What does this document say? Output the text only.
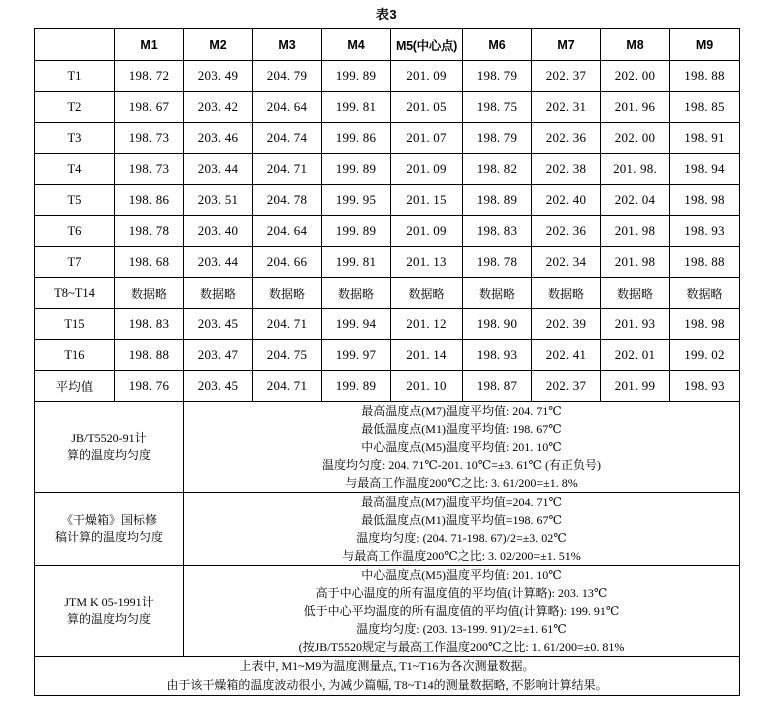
表3
	M1	M2	M3	M4	M5(中心点)	M6	M7	M8	M9
T1	198. 72	203. 49	204. 79	199. 89	201. 09	198. 79	202. 37	202. 00	198. 88
T2	198. 67	203. 42	204. 64	199. 81	201. 05	198. 75	202. 31	201. 96	198. 85
T3	198. 73	203. 46	204. 74	199. 86	201. 07	198. 79	202. 36	202. 00	198. 91
T4	198. 73	203. 44	204. 71	199. 89	201. 09	198. 82	202. 38	201. 98.	198. 94
T5	198. 86	203. 51	204. 78	199. 95	201. 15	198. 89	202. 40	202. 04	198. 98
T6	198. 78	203. 40	204. 64	199. 89	201. 09	198. 83	202. 36	201. 98	198. 93
T7	198. 68	203. 44	204. 66	199. 81	201. 13	198. 78	202. 34	201. 98	198. 88
T8~T14	数据略	数据略	数据略	数据略	数据略	数据略	数据略	数据略	数据略
T15	198. 83	203. 45	204. 71	199. 94	201. 12	198. 90	202. 39	201. 93	198. 98
T16	198. 88	203. 47	204. 75	199. 97	201. 14	198. 93	202. 41	202. 01	199. 02
平均值	198. 76	203. 45	204. 71	199. 89	201. 10	198. 87	202. 37	201. 99	198. 93

JB/T5520-91计
算的温度均匀度

最高温度点(M7)温度平均值: 204. 71℃
最低温度点(M1)温度平均值: 198. 67℃
中心温度点(M5)温度平均值: 201. 10℃
温度均匀度: 204. 71℃-201. 10℃=±3. 61℃ (有正负号)
与最高工作温度200℃之比: 3. 61/200=±1. 8%

《干燥箱》国标修
稿计算的温度均匀度

最高温度点(M7)温度平均值=204. 71℃
最低温度点(M1)温度平均值=198. 67℃
温度均匀度: (204. 71-198. 67)/2=±3. 02℃
与最高工作温度200℃之比: 3. 02/200=±1. 51%

JTM K 05-1991计
算的温度均匀度

中心温度点(M5)温度平均值: 201. 10℃
高于中心温度的所有温度值的平均值(计算略): 203. 13℃
低于中心平均温度的所有温度值的平均值(计算略): 199. 91℃
温度均匀度: (203. 13-199. 91)/2=±1. 61℃
(按JB/T5520规定与最高工作温度200℃之比: 1. 61/200=±0. 81%

上表中, M1~M9为温度测量点, T1~T16为各次测量数据。
由于该干燥箱的温度波动很小, 为减少篇幅, T8~T14的测量数据略, 不影响计算结果。									
